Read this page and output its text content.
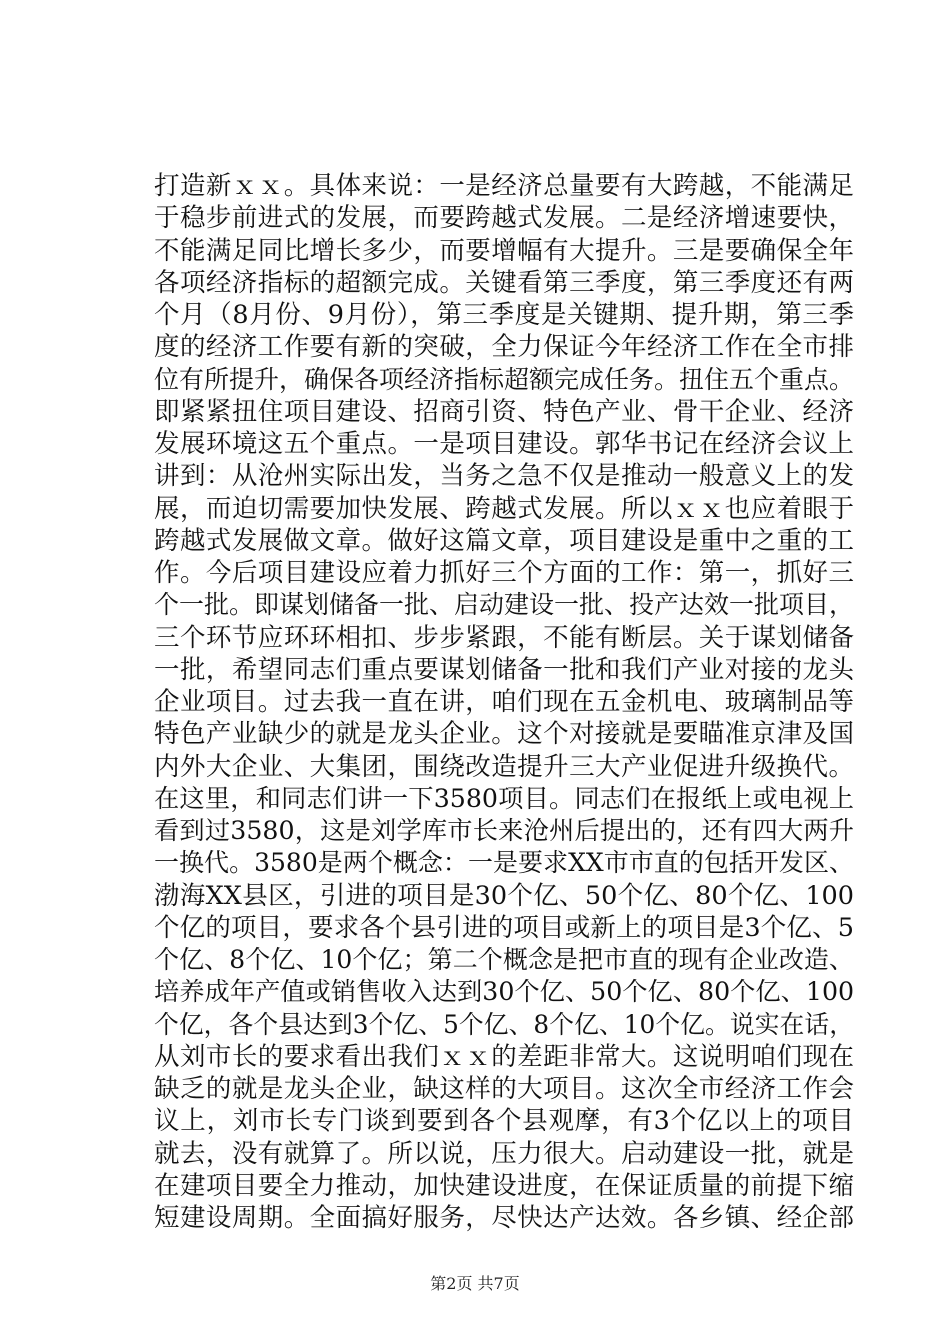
打造新ｘｘ。具体来说：一是经济总量要有大跨越，不能满足
于稳步前进式的发展，而要跨越式发展。二是经济增速要快，
不能满足同比增长多少，而要增幅有大提升。三是要确保全年
各项经济指标的超额完成。关键看第三季度，第三季度还有两
个月（8月份、9月份），第三季度是关键期、提升期，第三季
度的经济工作要有新的突破，全力保证今年经济工作在全市排
位有所提升，确保各项经济指标超额完成任务。扭住五个重点。
即紧紧扭住项目建设、招商引资、特色产业、骨干企业、经济
发展环境这五个重点。一是项目建设。郭华书记在经济会议上
讲到：从沧州实际出发，当务之急不仅是推动一般意义上的发
展，而迫切需要加快发展、跨越式发展。所以ｘｘ也应着眼于
跨越式发展做文章。做好这篇文章，项目建设是重中之重的工
作。今后项目建设应着力抓好三个方面的工作：第一，抓好三
个一批。即谋划储备一批、启动建设一批、投产达效一批项目，
三个环节应环环相扣、步步紧跟，不能有断层。关于谋划储备
一批，希望同志们重点要谋划储备一批和我们产业对接的龙头
企业项目。过去我一直在讲，咱们现在五金机电、玻璃制品等
特色产业缺少的就是龙头企业。这个对接就是要瞄准京津及国
内外大企业、大集团，围绕改造提升三大产业促进升级换代。
在这里，和同志们讲一下3580项目。同志们在报纸上或电视上
看到过3580，这是刘学库市长来沧州后提出的，还有四大两升
一换代。3580是两个概念：一是要求XX市市直的包括开发区、
渤海XX县区，引进的项目是30个亿、50个亿、80个亿、100
个亿的项目，要求各个县引进的项目或新上的项目是3个亿、5
个亿、8个亿、10个亿；第二个概念是把市直的现有企业改造、
培养成年产值或销售收入达到30个亿、50个亿、80个亿、100
个亿，各个县达到3个亿、5个亿、8个亿、10个亿。说实在话，
从刘市长的要求看出我们ｘｘ的差距非常大。这说明咱们现在
缺乏的就是龙头企业，缺这样的大项目。这次全市经济工作会
议上，刘市长专门谈到要到各个县观摩，有3个亿以上的项目
就去，没有就算了。所以说，压力很大。启动建设一批，就是
在建项目要全力推动，加快建设进度，在保证质量的前提下缩
短建设周期。全面搞好服务，尽快达产达效。各乡镇、经企部
第2页 共7页
